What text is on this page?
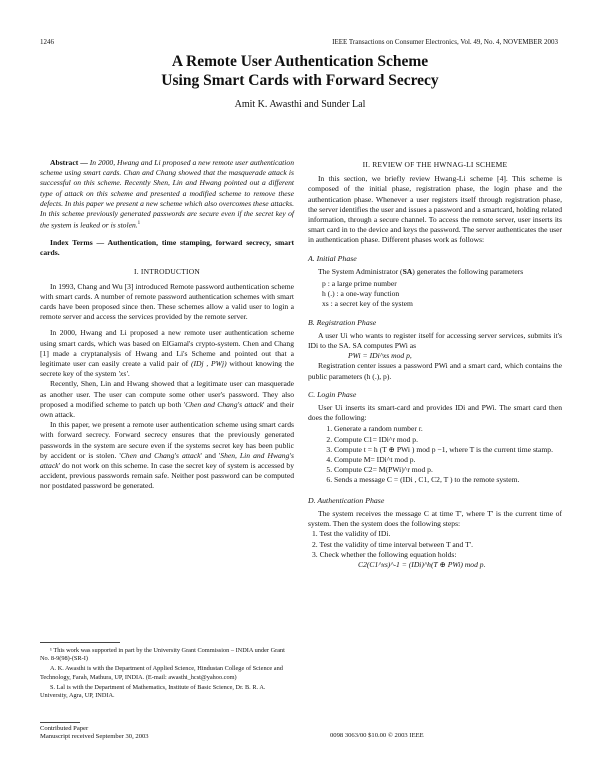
1246	IEEE Transactions on Consumer Electronics, Vol. 49, No. 4, NOVEMBER 2003
A Remote User Authentication Scheme
Using Smart Cards with Forward Secrecy
Amit K. Awasthi and Sunder Lal

Abstract — In 2000, Hwang and Li proposed a new remote user authentication scheme using smart cards. Chan and Chang showed that the masquerade attack is successful on this scheme. Recently Shen, Lin and Hwang pointed out a different type of attack on this scheme and presented a modified scheme to remove these defects. In this paper we present a new scheme which also overcomes these attacks. In this scheme previously generated passwords are secure even if the secret key of the system is leaked or is stolen.$^1$

Index Terms — Authentication, time stamping, forward secrecy, smart cards.

I. INTRODUCTION

In 1993, Chang and Wu [3] introduced Remote password authentication scheme with smart cards. A number of remote password authentication schemes with smart cards have been proposed since then. These schemes allow a valid user to login a remote server and access the services provided by the remote server.

In 2000, Hwang and Li proposed a new remote user authentication scheme using smart cards, which was based on ElGamal's crypto-system. Chen and Chang [1] made a cryptanalysis of Hwang and Li's Scheme and pointed out that a legitimate user can easily create a valid pair of (IDj , PWj) without knowing the secrete key of the system 'xs'.

Recently, Shen, Lin and Hwang showed that a legitimate user can masquerade as another user. The user can compute some other user's password. They also proposed a modified scheme to patch up both 'Chen and Chang's attack' and their own attack.

In this paper, we present a remote user authentication scheme using smart cards with forward secrecy. Forward secrecy ensures that the previously generated passwords in the system are secure even if the systems secret key has been public by accident or is stolen. 'Chen and Chang's attack' and 'Shen, Lin and Hwang's attack' do not work on this scheme. In case the secret key of system is accessed by accident, previous passwords remain safe. Neither post password can be computed nor postdated password be generated.

¹ This work was supported in part by the University Grant Commission – INDIA under Grant No. 8-9(98)-(SR-I)

A. K. Awasthi is with the Department of Applied Science, Hindustan College of Science and Technology, Farah, Mathura, UP, INDIA. (E-mail: awasthi_hcst@yahoo.com)

S. Lal is with the Department of Mathematics, Institute of Basic Science, Dr. B. R. A. University, Agra, UP, INDIA.

Contributed Paper
Manuscript received September 30, 2003	0098 3063/00 $10.00 © 2003 IEEE
II. REVIEW OF THE HWNAG-LI SCHEME

In this section, we briefly review Hwang-Li scheme [4]. This scheme is composed of the initial phase, registration phase, the login phase and the authentication phase. Whenever a user registers itself through registration phase, the server identifies the user and issues a password and a smartcard, holding related information, through a secure channel. To access the remote server, user inserts its smart card in to the device and keys the password. The server authenticates the user in authentication phase. Different phases work as follows:

A. Initial Phase

The System Administrator (SA) generates the following parameters

p : a large prime number
h (.) : a one-way function
xs : a secret key of the system
B. Registration Phase

A user Ui who wants to register itself for accessing server services, submits it's IDi to the SA. SA computes PWi as

PWi = IDi^xs mod p,

Registration center issues a password PWi and a smart card, which contains the public parameters (h (.), p).

C. Login Phase

User Ui inserts its smart-card and provides IDi and PWi. The smart card then does the following:

1. Generate a random number r.
2. Compute C1= IDi^r mod p.
3. Compute t = h (T ⊕ PWi ) mod p −1, where T is the current time stamp.
4. Compute M= IDi^t mod p.
5. Compute C2= M(PWi)^r mod p.
6. Sends a message C = (IDi , C1, C2, T ) to the remote system.
D. Authentication Phase

The system receives the message C at time T', where T' is the current time of system. Then the system does the following steps:

1. Test the validity of IDi.
2. Test the validity of time interval between T and T'.
3. Check whether the following equation holds:

C2(C1^xs)^-1 = (IDi)^h(T ⊕ PWi) mod p.
